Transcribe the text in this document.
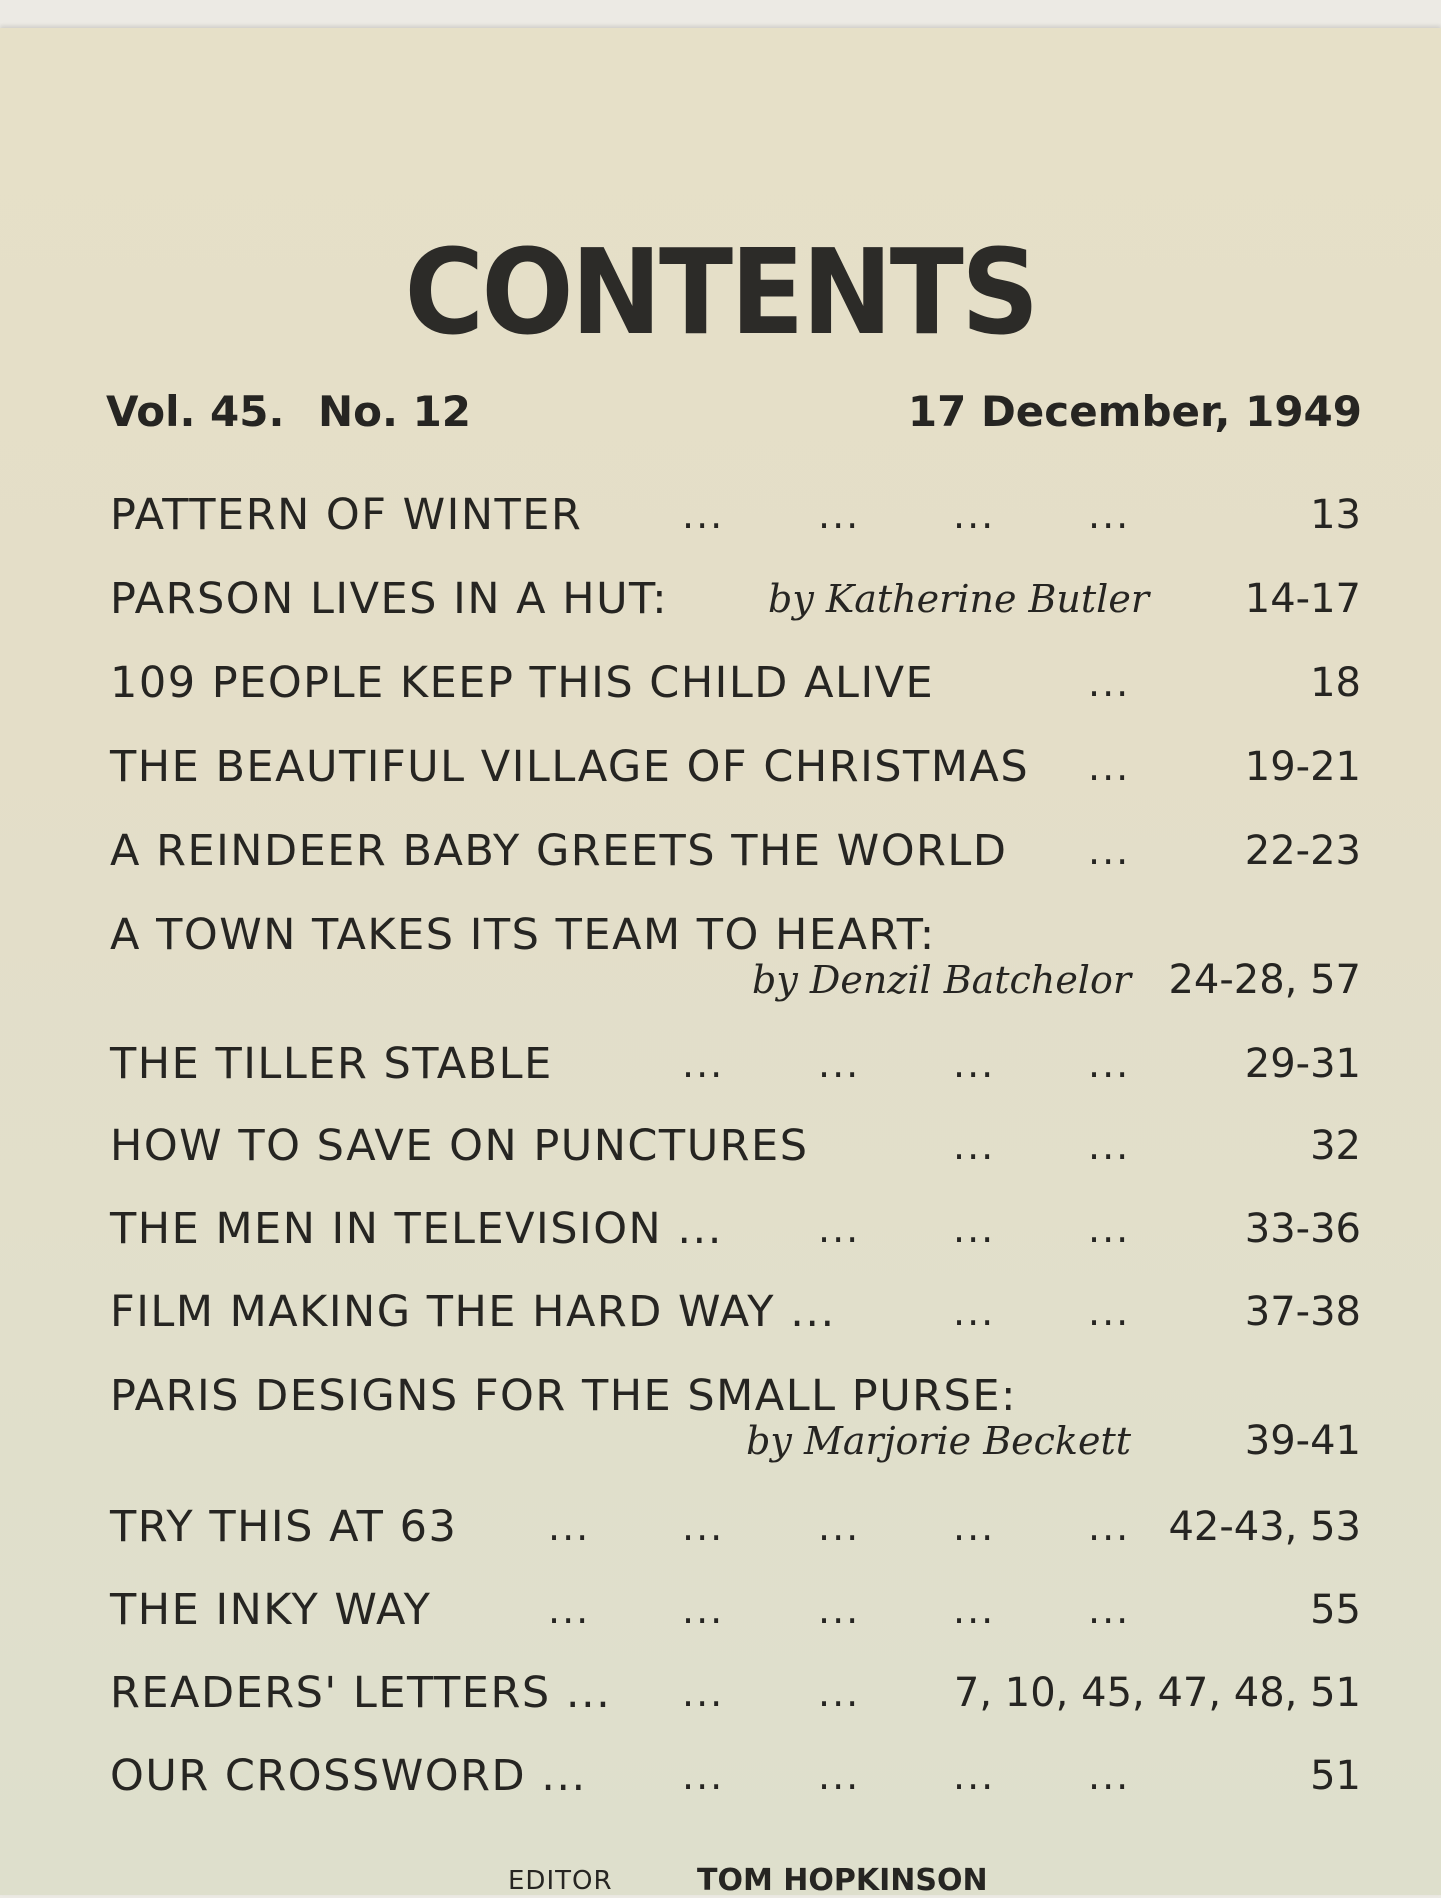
CONTENTS
Vol. 45. No. 12	17 December, 1949
PATTERN OF WINTER	... ... ... ...	13
PARSON LIVES IN A HUT:	by Katherine Butler 14-17
109 PEOPLE KEEP THIS CHILD ALIVE	...	18
THE BEAUTIFUL VILLAGE OF CHRISTMAS ...	19-21
A REINDEER BABY GREETS THE WORLD ...	22-23
A TOWN TAKES ITS TEAM TO HEART:
by Denzil Batchelor 24-28, 57
THE TILLER STABLE	... ... ... ...	29-31
HOW TO SAVE ON PUNCTURES	... ...	32
THE MEN IN TELEVISION ...	... ... ...	33-36
FILM MAKING THE HARD WAY ...	... ...	37-38
PARIS DESIGNS FOR THE SMALL PURSE:
by Marjorie Beckett	39-41
TRY THIS AT 63 ... ... ... ... ... 42-43, 53
THE INKY WAY	... ... ... ... ...	55
READERS' LETTERS ... ... ... 7, 10, 45, 47, 48, 51
OUR CROSSWORD ...	... ... ... ...	51
EDITOR	TOM HOPKINSON
